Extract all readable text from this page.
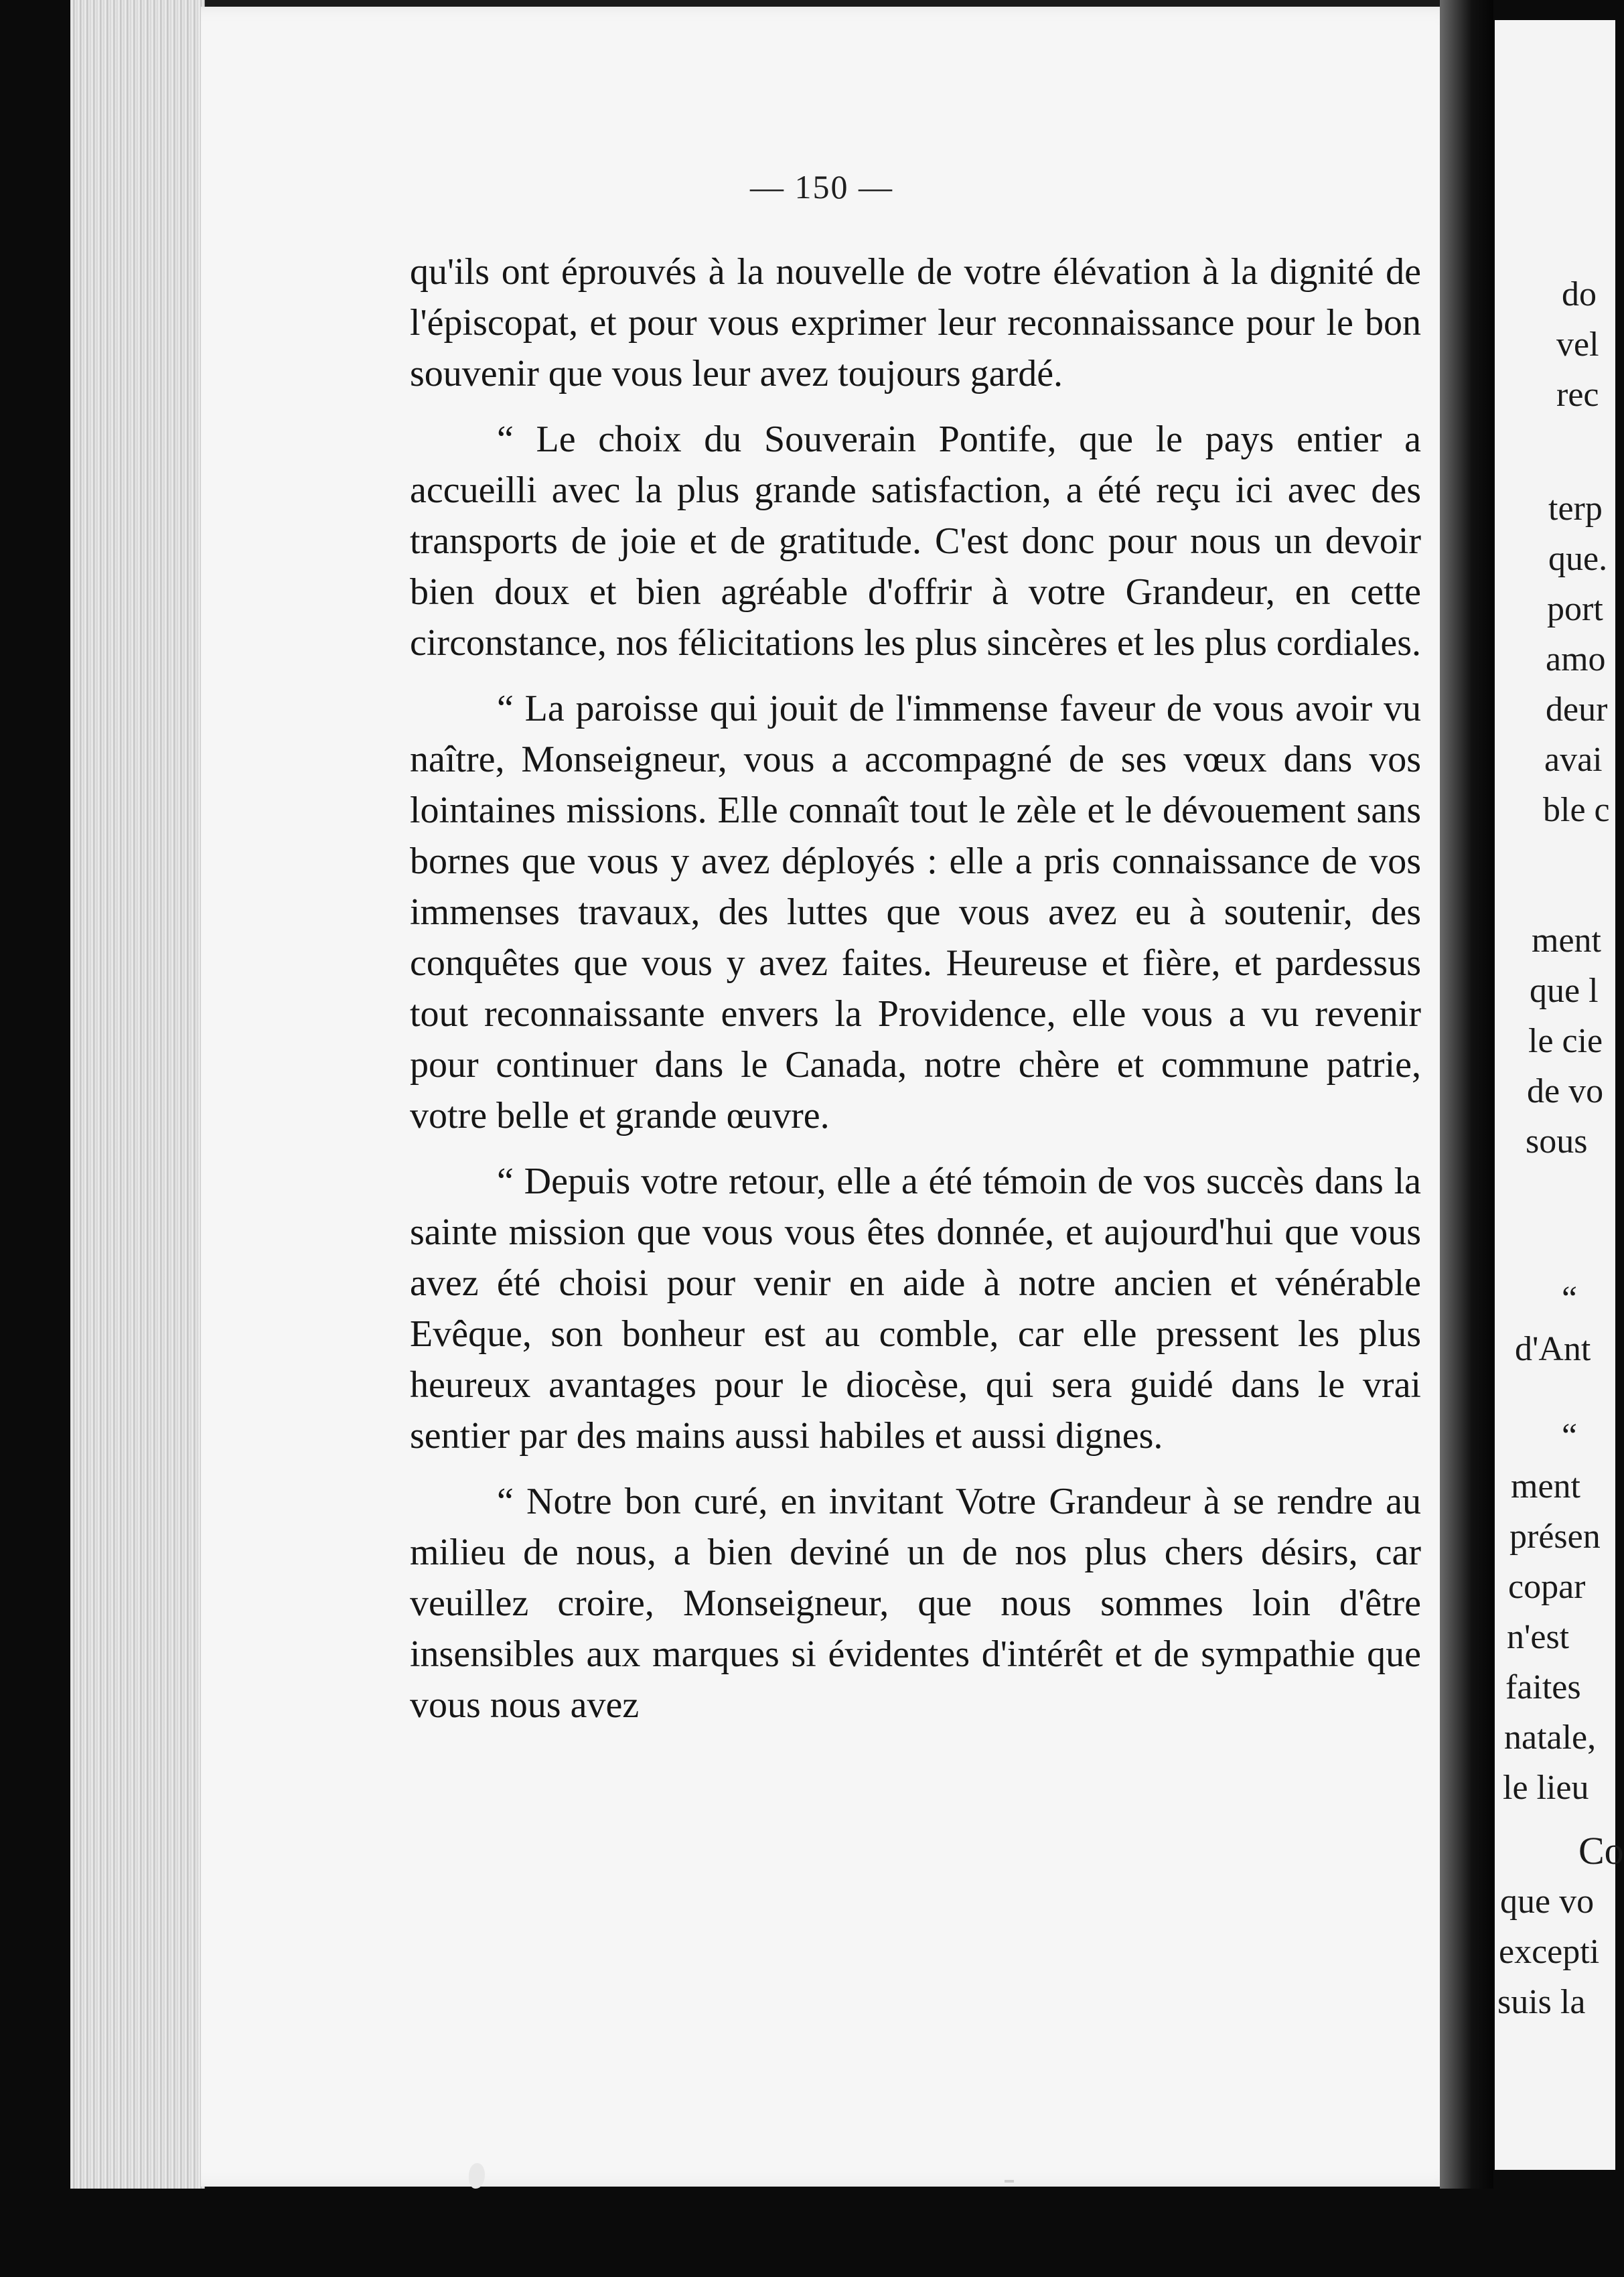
— 150 —

qu'ils ont éprouvés à la nouvelle de votre élévation à la dignité de l'épiscopat, et pour vous exprimer leur reconnaissance pour le bon souvenir que vous leur avez toujours gardé.

“ Le choix du Souverain Pontife, que le pays entier a accueilli avec la plus grande satisfaction, a été reçu ici avec des transports de joie et de gratitude. C'est donc pour nous un devoir bien doux et bien agréable d'offrir à votre Grandeur, en cette circonstance, nos félicitations les plus sincères et les plus cordiales.

“ La paroisse qui jouit de l'immense faveur de vous avoir vu naître, Monseigneur, vous a accompagné de ses vœux dans vos lointaines missions. Elle connaît tout le zèle et le dévouement sans bornes que vous y avez déployés : elle a pris connaissance de vos immenses travaux, des luttes que vous avez eu à soutenir, des conquêtes que vous y avez faites. Heureuse et fière, et pardessus tout reconnaissante envers la Providence, elle vous a vu revenir pour continuer dans le Canada, notre chère et commune patrie, votre belle et grande œuvre.

“ Depuis votre retour, elle a été témoin de vos succès dans la sainte mission que vous vous êtes donnée, et aujourd'hui que vous avez été choisi pour venir en aide à notre ancien et vénérable Evêque, son bonheur est au comble, car elle pressent les plus heureux avantages pour le diocèse, qui sera guidé dans le vrai sentier par des mains aussi habiles et aussi dignes.

“ Notre bon curé, en invitant Votre Grandeur à se rendre au milieu de nous, a bien deviné un de nos plus chers désirs, car veuillez croire, Monseigneur, que nous sommes loin d'être insensibles aux marques si évidentes d'intérêt et de sympathie que vous nous avez

do
vel
rec
terp
que.
port
amo
deur
avai
ble c
ment
que l
le cie
de vo
sous
“
d'Ant
“
ment
présen
copar
n'est
faites
natale,
le lieu
Co
que vo
excepti
suis la
